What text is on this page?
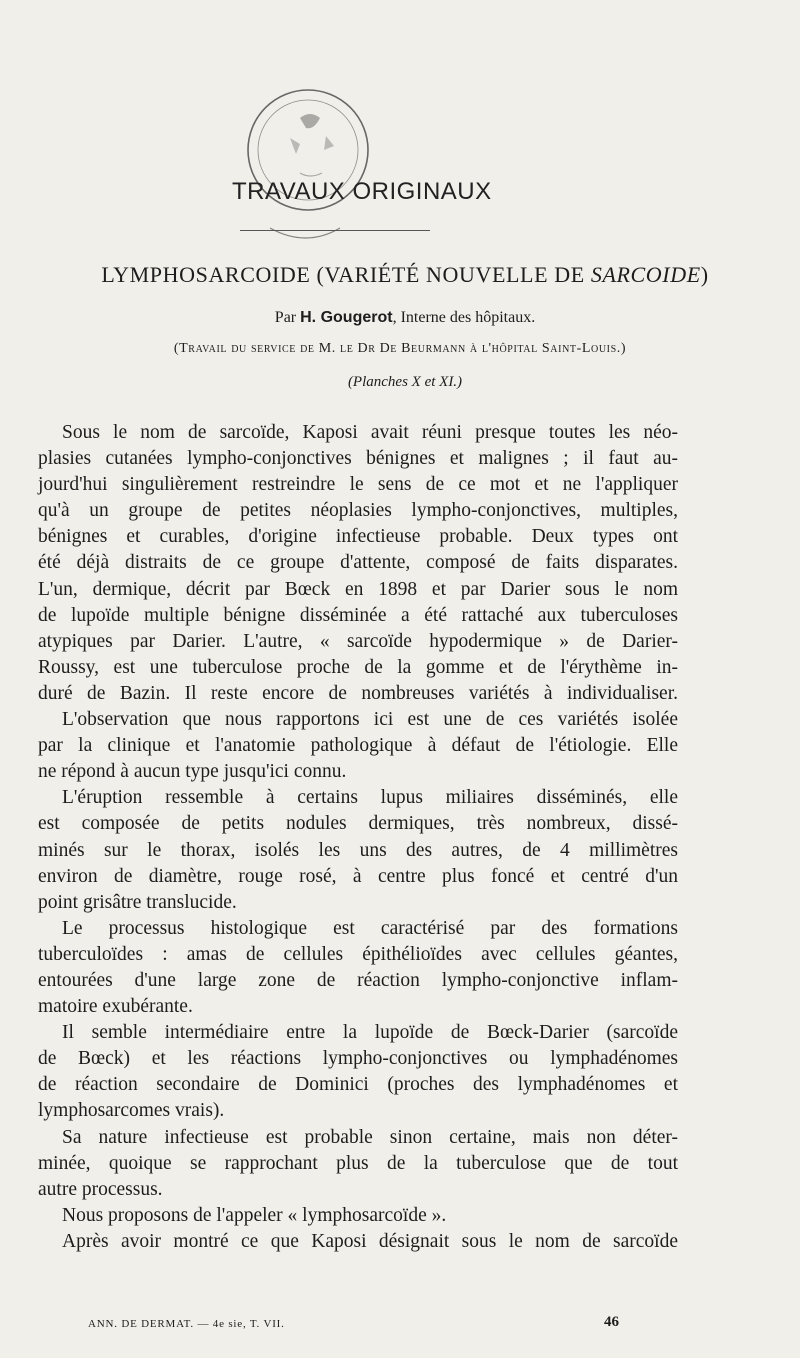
TRAVAUX ORIGINAUX
LYMPHOSARCOIDE (VARIÉTÉ NOUVELLE DE SARCOIDE)
Par H. Gougerot, Interne des hôpitaux.
(Travail du service de M. le Dr De Beurmann à l'hôpital Saint-Louis.)
(Planches X et XI.)
Sous le nom de sarcoïde, Kaposi avait réuni presque toutes les néo-
plasies cutanées lympho-conjonctives bénignes et malignes ; il faut au-
jourd'hui singulièrement restreindre le sens de ce mot et ne l'appliquer
qu'à un groupe de petites néoplasies lympho-conjonctives, multiples,
bénignes et curables, d'origine infectieuse probable. Deux types ont
été déjà distraits de ce groupe d'attente, composé de faits disparates.
L'un, dermique, décrit par Bœck en 1898 et par Darier sous le nom
de lupoïde multiple bénigne disséminée a été rattaché aux tuberculoses
atypiques par Darier. L'autre, « sarcoïde hypodermique » de Darier-
Roussy, est une tuberculose proche de la gomme et de l'érythème in-
duré de Bazin. Il reste encore de nombreuses variétés à individualiser.
L'observation que nous rapportons ici est une de ces variétés isolée
par la clinique et l'anatomie pathologique à défaut de l'étiologie. Elle
ne répond à aucun type jusqu'ici connu.
L'éruption ressemble à certains lupus miliaires disséminés, elle
est composée de petits nodules dermiques, très nombreux, dissé-
minés sur le thorax, isolés les uns des autres, de 4 millimètres
environ de diamètre, rouge rosé, à centre plus foncé et centré d'un
point grisâtre translucide.
Le processus histologique est caractérisé par des formations
tuberculoïdes : amas de cellules épithélioïdes avec cellules géantes,
entourées d'une large zone de réaction lympho-conjonctive inflam-
matoire exubérante.
Il semble intermédiaire entre la lupoïde de Bœck-Darier (sarcoïde
de Bœck) et les réactions lympho-conjonctives ou lymphadénomes
de réaction secondaire de Dominici (proches des lymphadénomes et
lymphosarcomes vrais).
Sa nature infectieuse est probable sinon certaine, mais non déter-
minée, quoique se rapprochant plus de la tuberculose que de tout
autre processus.
Nous proposons de l'appeler « lymphosarcoïde ».
Après avoir montré ce que Kaposi désignait sous le nom de sarcoïde
ANN. DE DERMAT. — 4e sie, T. VII.	46
